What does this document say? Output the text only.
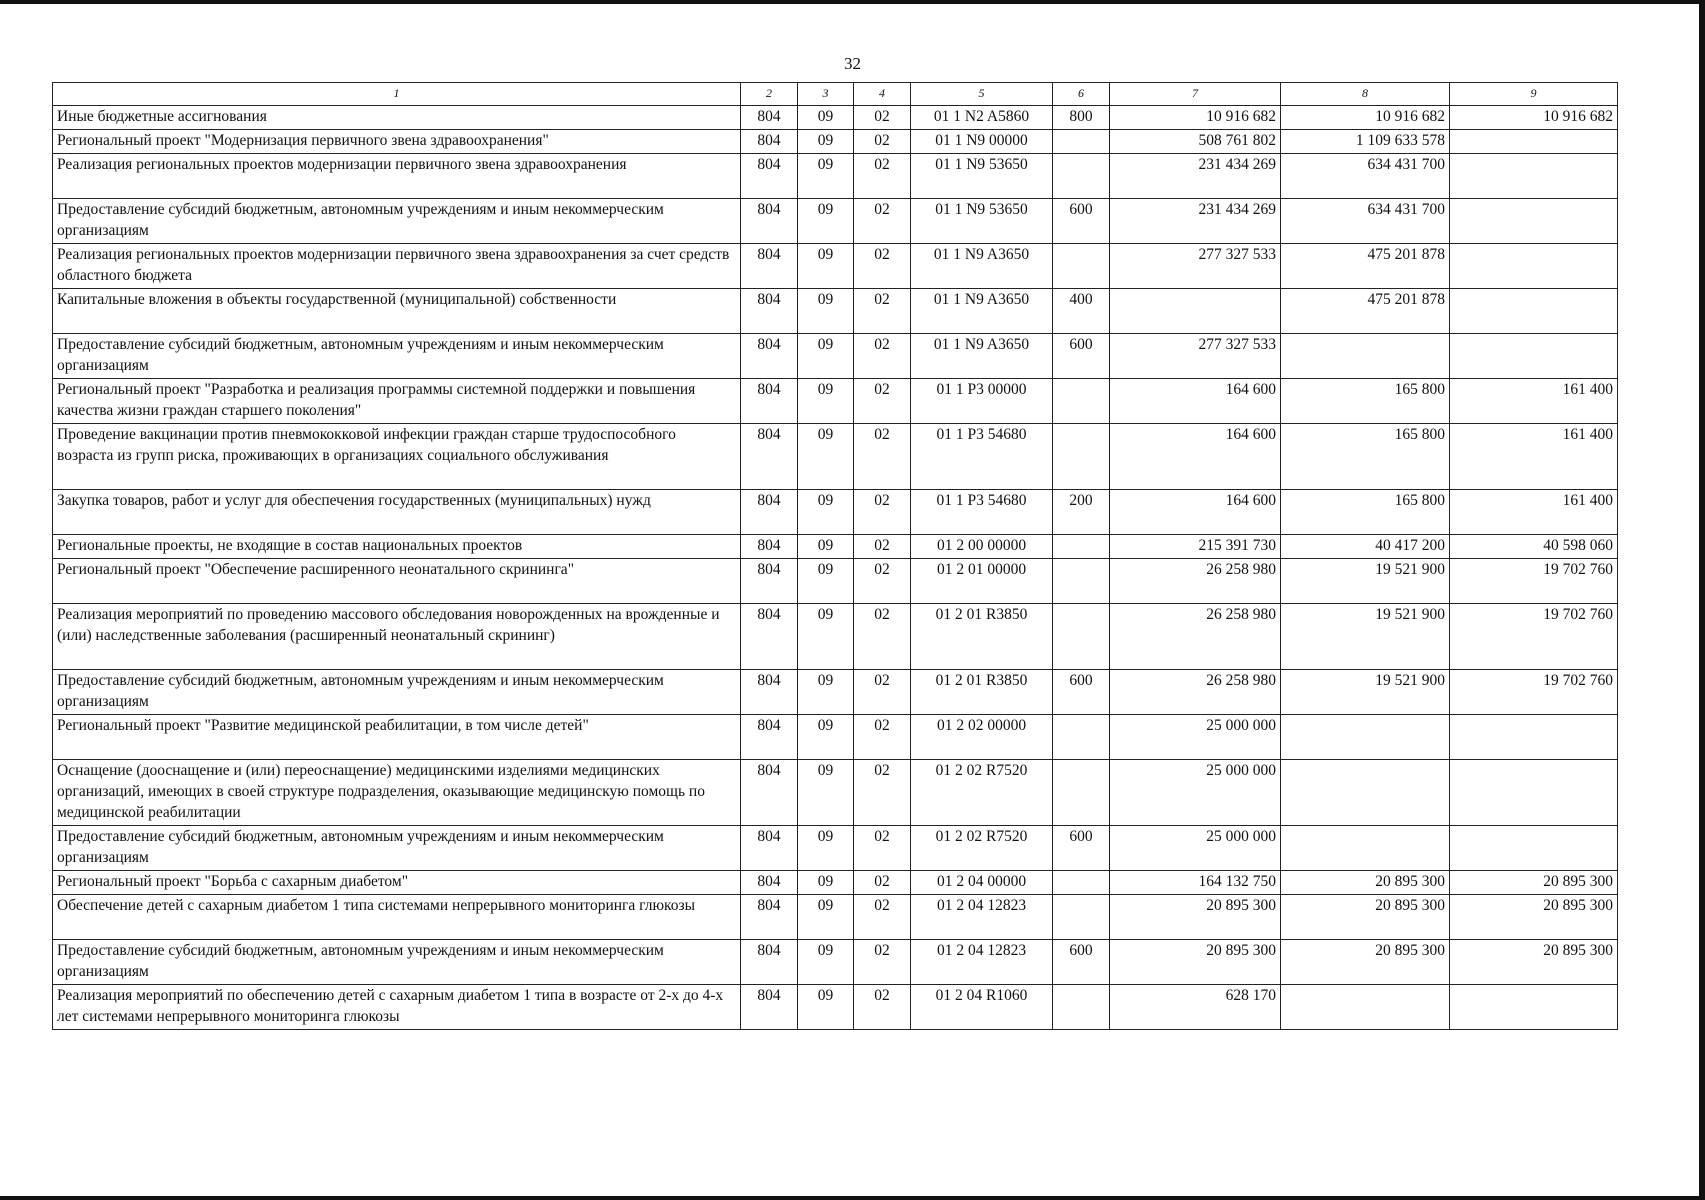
32
1	2	3	4	5	6	7	8	9
Иные бюджетные ассигнования	804	09	02	01 1 N2 A5860	800	10 916 682	10 916 682	10 916 682
Региональный проект "Модернизация первичного звена здравоохранения"	804	09	02	01 1 N9 00000		508 761 802	1 109 633 578	
Реализация региональных проектов модернизации первичного звена здравоохранения	804	09	02	01 1 N9 53650		231 434 269	634 431 700	
Предоставление субсидий бюджетным, автономным учреждениям и иным некоммерческим организациям	804	09	02	01 1 N9 53650	600	231 434 269	634 431 700	
Реализация региональных проектов модернизации первичного звена здравоохранения за счет средств областного бюджета	804	09	02	01 1 N9 A3650		277 327 533	475 201 878	
Капитальные вложения в объекты государственной (муниципальной) собственности	804	09	02	01 1 N9 A3650	400		475 201 878	
Предоставление субсидий бюджетным, автономным учреждениям и иным некоммерческим организациям	804	09	02	01 1 N9 A3650	600	277 327 533		
Региональный проект "Разработка и реализация программы системной поддержки и повышения качества жизни граждан старшего поколения"	804	09	02	01 1 P3 00000		164 600	165 800	161 400
Проведение вакцинации против пневмококковой инфекции граждан старше трудоспособного возраста из групп риска, проживающих в организациях социального обслуживания	804	09	02	01 1 P3 54680		164 600	165 800	161 400
Закупка товаров, работ и услуг для обеспечения государственных (муниципальных) нужд	804	09	02	01 1 P3 54680	200	164 600	165 800	161 400
Региональные проекты, не входящие в состав национальных проектов	804	09	02	01 2 00 00000		215 391 730	40 417 200	40 598 060
Региональный проект "Обеспечение расширенного неонатального скрининга"	804	09	02	01 2 01 00000		26 258 980	19 521 900	19 702 760
Реализация мероприятий по проведению массового обследования новорожденных на врожденные и (или) наследственные заболевания (расширенный неонатальный скрининг)	804	09	02	01 2 01 R3850		26 258 980	19 521 900	19 702 760
Предоставление субсидий бюджетным, автономным учреждениям и иным некоммерческим организациям	804	09	02	01 2 01 R3850	600	26 258 980	19 521 900	19 702 760
Региональный проект "Развитие медицинской реабилитации, в том числе детей"	804	09	02	01 2 02 00000		25 000 000		
Оснащение (дооснащение и (или) переоснащение) медицинскими изделиями медицинских организаций, имеющих в своей структуре подразделения, оказывающие медицинскую помощь по медицинской реабилитации	804	09	02	01 2 02 R7520		25 000 000		
Предоставление субсидий бюджетным, автономным учреждениям и иным некоммерческим организациям	804	09	02	01 2 02 R7520	600	25 000 000		
Региональный проект "Борьба с сахарным диабетом"	804	09	02	01 2 04 00000		164 132 750	20 895 300	20 895 300
Обеспечение детей с сахарным диабетом 1 типа системами непрерывного мониторинга глюкозы	804	09	02	01 2 04 12823		20 895 300	20 895 300	20 895 300
Предоставление субсидий бюджетным, автономным учреждениям и иным некоммерческим организациям	804	09	02	01 2 04 12823	600	20 895 300	20 895 300	20 895 300
Реализация мероприятий по обеспечению детей с сахарным диабетом 1 типа в возрасте от 2-х до 4-х лет системами непрерывного мониторинга глюкозы	804	09	02	01 2 04 R1060		628 170		
